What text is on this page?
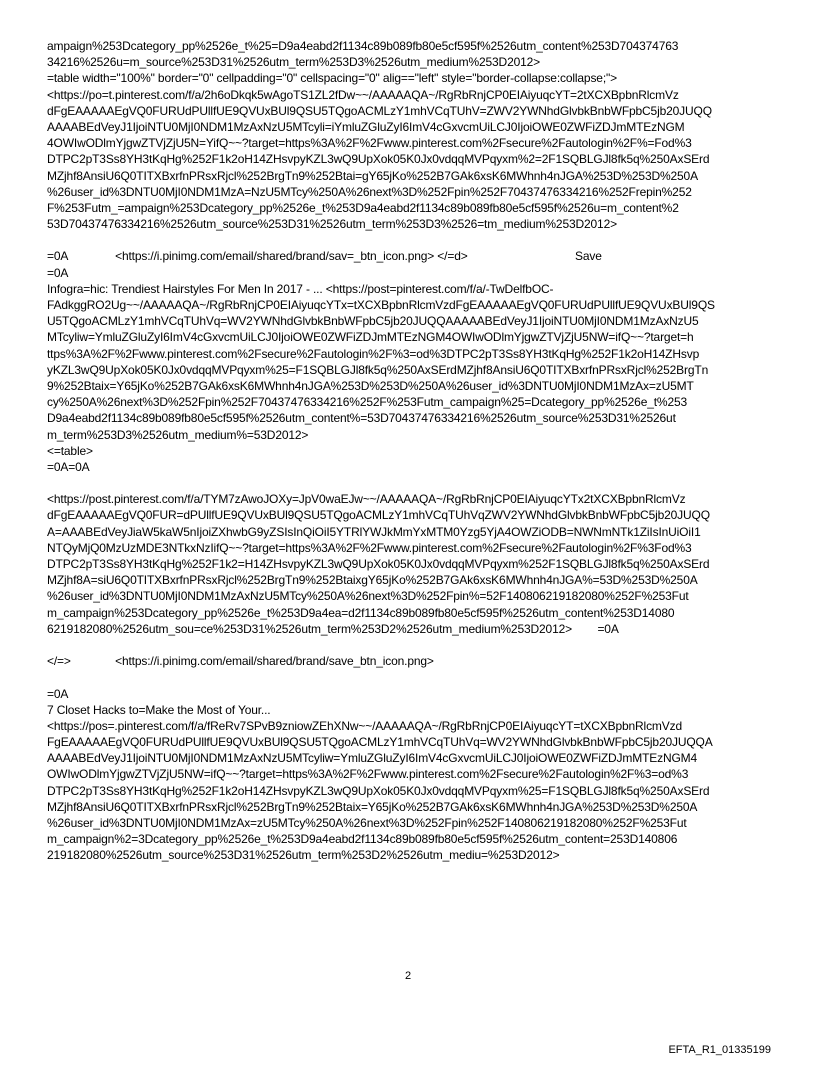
ampaign%253Dcategory_pp%2526e_t%25=D9a4eabd2f1134c89b089fb80e5cf595f%2526utm_content%253D704374763
34216%2526u=m_source%253D31%2526utm_term%253D3%2526utm_medium%253D2012>
=table width="100%" border="0" cellpadding="0" cellspacing="0" alig=="left" style="border-collapse:collapse;">
<https://po=t.pinterest.com/f/a/2h6oDkqk5wAgoTS1ZL2fDw~~/AAAAAQA~/RgRbRnjCP0EIAiyuqcYT=2tXCXBpbnRlcmVz
dFgEAAAAAEgVQ0FURUdPUllfUE9QVUxBUl9QSU5TQgoACMLzY1mhVCqTUhV=ZWV2YWNhdGlvbkBnbWFpbC5jb20JUQQ
AAAABEdVeyJ1IjoiNTU0MjI0NDM1MzAxNzU5MTcyli=iYmluZGluZyI6ImV4cGxvcmUiLCJ0IjoiOWE0ZWFiZDJmMTEzNGM
4OWIwODlmYjgwZTVjZjU5N=YifQ~~?target=https%3A%2F%2Fwww.pinterest.com%2Fsecure%2Fautologin%2F%=Fod%3
DTPC2pT3Ss8YH3tKqHg%252F1k2oH14ZHsvpyKZL3wQ9UpXok05K0Jx0vdqqMVPqyxm%2=2F1SQBLGJl8fk5q%250AxSErd
MZjhf8AnsiU6Q0TITXBxrfnPRsxRjcl%252BrgTn9%252Btai=gY65jKo%252B7GAk6xsK6MWhnh4nJGA%253D%253D%250A
%26user_id%3DNTU0MjI0NDM1MzA=NzU5MTcy%250A%26next%3D%252Fpin%252F70437476334216%252Frepin%252
F%253Futm_=ampaign%253Dcategory_pp%2526e_t%253D9a4eabd2f1134c89b089fb80e5cf595f%2526u=m_content%2
53D70437476334216%2526utm_source%253D31%2526utm_term%253D3%2526=tm_medium%253D2012>

<https://i.pinimg.com/email/shared/brand/sav=_btn_icon.png> </=d>	Save

=0A
=0A
Infogra=hic: Trendiest Hairstyles For Men In 2017 - ... <https://post=pinterest.com/f/a/-TwDelfbOC-
FAdkggRO2Ug~~/AAAAAQA~/RgRbRnjCP0EIAiyuqcYTx=tXCXBpbnRlcmVzdFgEAAAAAEgVQ0FURUdPUllfUE9QVUxBUl9QS
U5TQgoACMLzY1mhVCqTUhVq=WV2YWNhdGlvbkBnbWFpbC5jb20JUQQAAAAABEdVeyJ1IjoiNTU0MjI0NDM1MzAxNzU5
MTcyliw=YmluZGluZyI6ImV4cGxvcmUiLCJ0IjoiOWE0ZWFiZDJmMTEzNGM4OWIwODlmYjgwZTVjZjU5NW=ifQ~~?target=h
ttps%3A%2F%2Fwww.pinterest.com%2Fsecure%2Fautologin%2F%3=od%3DTPC2pT3Ss8YH3tKqHg%252F1k2oH14ZHsvp
yKZL3wQ9UpXok05K0Jx0vdqqMVPqyxm%25=F1SQBLGJl8fk5q%250AxSErdMZjhf8AnsiU6Q0TITXBxrfnPRsxRjcl%252BrgTn
9%252Btaix=Y65jKo%252B7GAk6xsK6MWhnh4nJGA%253D%253D%250A%26user_id%3DNTU0MjI0NDM1MzAx=zU5MT
cy%250A%26next%3D%252Fpin%252F70437476334216%252F%253Futm_campaign%25=Dcategory_pp%2526e_t%253
D9a4eabd2f1134c89b089fb80e5cf595f%2526utm_content%=53D70437476334216%2526utm_source%253D31%2526ut
m_term%253D3%2526utm_medium%=53D2012>
<=table>
=0A=0A
<https://post.pinterest.com/f/a/TYM7zAwoJOXy=JpV0waEJw~~/AAAAAQA~/RgRbRnjCP0EIAiyuqcYTx2tXCXBpbnRlcmVz
dFgEAAAAAEgVQ0FUR=dPUllfUE9QVUxBUl9QSU5TQgoACMLzY1mhVCqTUhVqZWV2YWNhdGlvbkBnbWFpbC5jb20JUQQ
A=AAABEdVeyJiaW5kaW5nIjoiZXhwbG9yZSIsInQiOiI5YTRlYWJkMmYxMTM0Yzg5YjA4OWZiODB=NWNmNTk1ZiIsInUiOiI1
NTQyMjQ0MzUzMDE3NTkxNzIifQ~~?target=https%3A%2F%2Fwww.pinterest.com%2Fsecure%2Fautologin%2F%3Fod%3
DTPC2pT3Ss8YH3tKqHg%252F1k2=H14ZHsvpyKZL3wQ9UpXok05K0Jx0vdqqMVPqyxm%252F1SQBLGJl8fk5q%250AxSErd
MZjhf8A=siU6Q0TITXBxrfnPRsxRjcl%252BrgTn9%252BtaixgY65jKo%252B7GAk6xsK6MWhnh4nJGA%=53D%253D%250A
%26user_id%3DNTU0MjI0NDM1MzAxNzU5MTcy%250A%26next%3D%252Fpin%=52F140806219182080%252F%253Fut
m_campaign%253Dcategory_pp%2526e_t%253D9a4ea=d2f1134c89b089fb80e5cf595f%2526utm_content%253D14080
6219182080%2526utm_sou=ce%253D31%2526utm_term%253D2%2526utm_medium%253D2012>        =0A

<https://i.pinimg.com/email/shared/brand/save_btn_icon.png>

</=>
=0A
7 Closet Hacks to=Make the Most of Your...
<https://pos=.pinterest.com/f/a/fReRv7SPvB9zniowZEhXNw~~/AAAAAQA~/RgRbRnjCP0EIAiyuqcYT=tXCXBpbnRlcmVzd
FgEAAAAAEgVQ0FURUdPUllfUE9QVUxBUl9QSU5TQgoACMLzY1mhVCqTUhVq=WV2YWNhdGlvbkBnbWFpbC5jb20JUQQA
AAAABEdVeyJ1IjoiNTU0MjI0NDM1MzAxNzU5MTcyliw=YmluZGluZyI6ImV4cGxvcmUiLCJ0IjoiOWE0ZWFiZDJmMTEzNGM4
OWIwODlmYjgwZTVjZjU5NW=ifQ~~?target=https%3A%2F%2Fwww.pinterest.com%2Fsecure%2Fautologin%2F%3=od%3
DTPC2pT3Ss8YH3tKqHg%252F1k2oH14ZHsvpyKZL3wQ9UpXok05K0Jx0vdqqMVPqyxm%25=F1SQBLGJl8fk5q%250AxSErd
MZjhf8AnsiU6Q0TITXBxrfnPRsxRjcl%252BrgTn9%252Btaix=Y65jKo%252B7GAk6xsK6MWhnh4nJGA%253D%253D%250A
%26user_id%3DNTU0MjI0NDM1MzAx=zU5MTcy%250A%26next%3D%252Fpin%252F140806219182080%252F%253Fut
m_campaign%2=3Dcategory_pp%2526e_t%253D9a4eabd2f1134c89b089fb80e5cf595f%2526utm_content=253D140806
219182080%2526utm_source%253D31%2526utm_term%253D2%2526utm_mediu=%253D2012>
2
EFTA_R1_01335199
